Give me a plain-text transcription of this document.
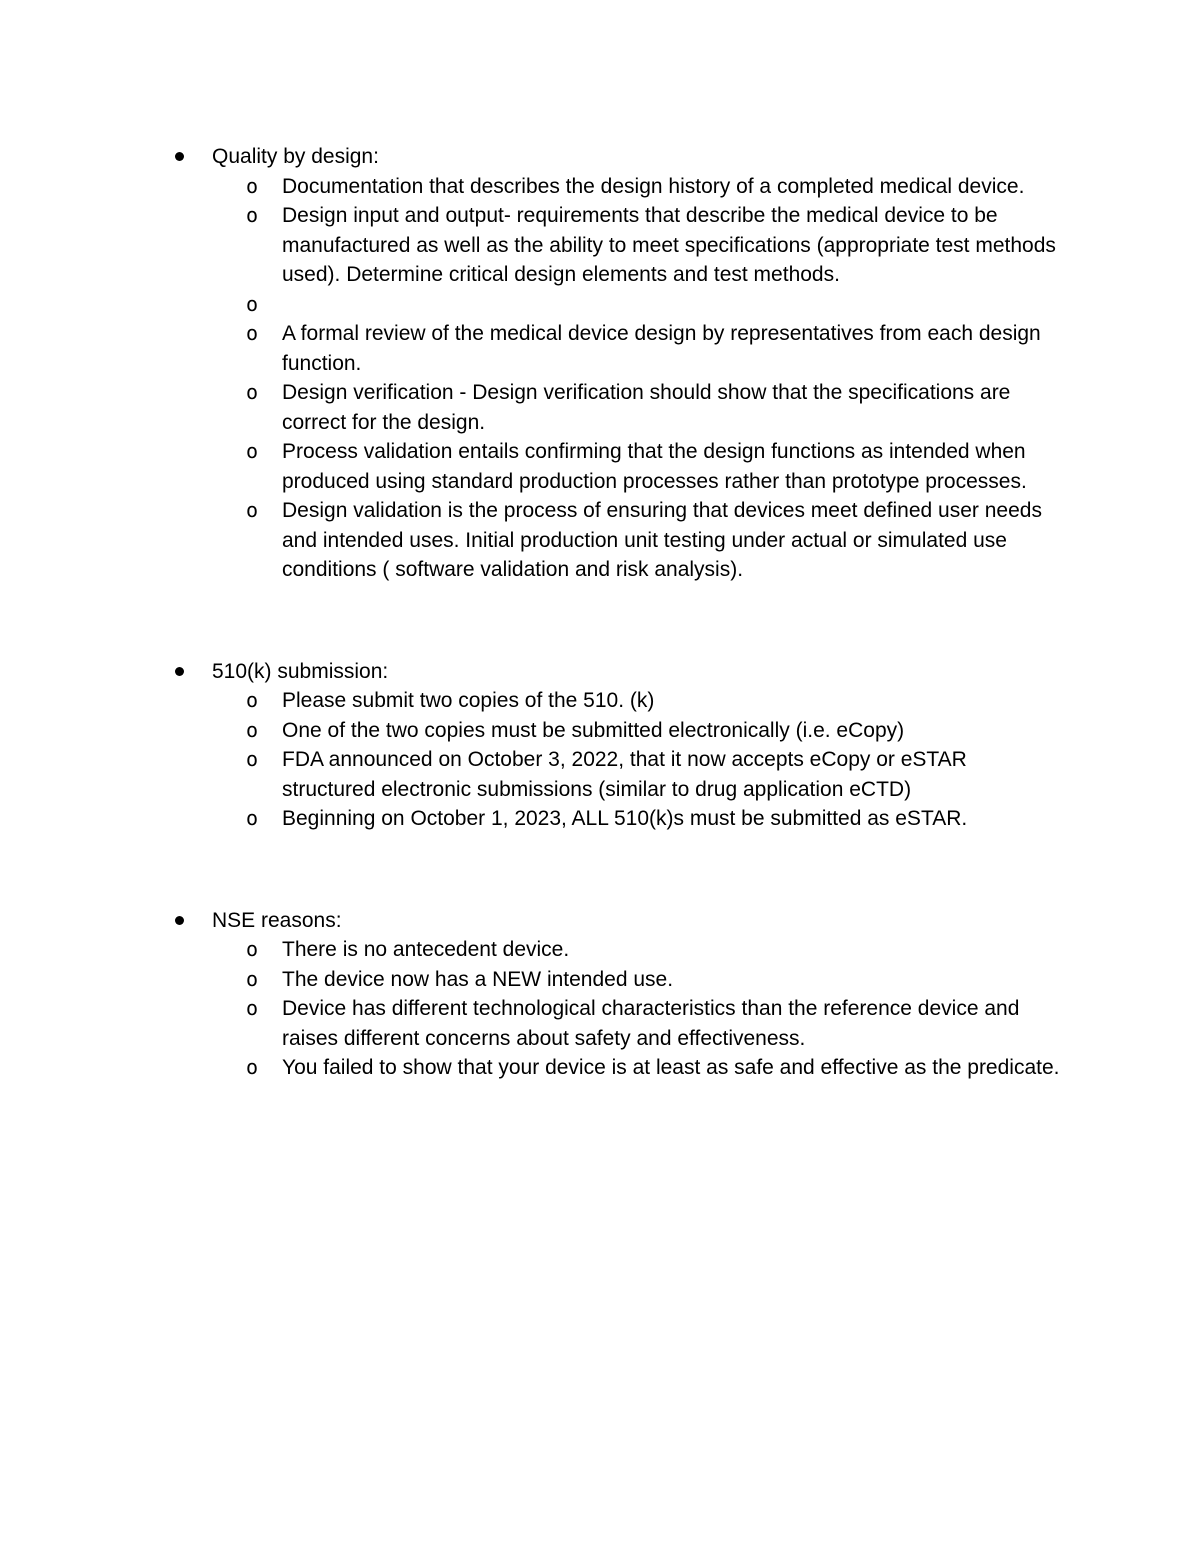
Quality by design:
o Documentation that describes the design history of a completed medical device.
o Design input and output- requirements that describe the medical device to be manufactured as well as the ability to meet specifications (appropriate test methods used). Determine critical design elements and test methods.
o
o A formal review of the medical device design by representatives from each design function.
o Design verification - Design verification should show that the specifications are correct for the design.
o Process validation entails confirming that the design functions as intended when produced using standard production processes rather than prototype processes.
o Design validation is the process of ensuring that devices meet defined user needs and intended uses. Initial production unit testing under actual or simulated use conditions ( software validation and risk analysis).
510(k) submission:
o Please submit two copies of the 510. (k)
o One of the two copies must be submitted electronically (i.e. eCopy)
o FDA announced on October 3, 2022, that it now accepts eCopy or eSTAR structured electronic submissions (similar to drug application eCTD)
o Beginning on October 1, 2023, ALL 510(k)s must be submitted as eSTAR.
NSE reasons:
o There is no antecedent device.
o The device now has a NEW intended use.
o Device has different technological characteristics than the reference device and raises different concerns about safety and effectiveness.
o You failed to show that your device is at least as safe and effective as the predicate.
